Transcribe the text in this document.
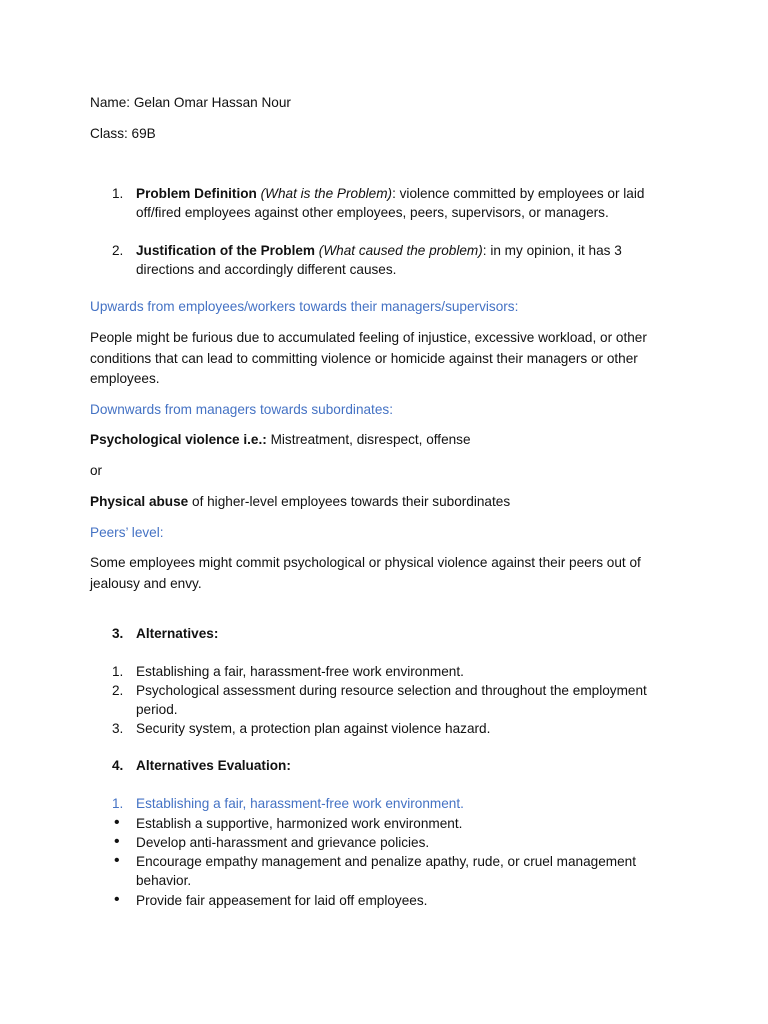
Name: Gelan Omar Hassan Nour

Class: 69B

1. Problem Definition (What is the Problem): violence committed by employees or laid off/fired employees against other employees, peers, supervisors, or managers.
2. Justification of the Problem (What caused the problem): in my opinion, it has 3 directions and accordingly different causes.

Upwards from employees/workers towards their managers/supervisors:

People might be furious due to accumulated feeling of injustice, excessive workload, or other conditions that can lead to committing violence or homicide against their managers or other employees.

Downwards from managers towards subordinates:

Psychological violence i.e.: Mistreatment, disrespect, offense

or

Physical abuse of higher-level employees towards their subordinates

Peers’ level:

Some employees might commit psychological or physical violence against their peers out of jealousy and envy.

3. Alternatives:
1. Establishing a fair, harassment-free work environment.
2. Psychological assessment during resource selection and throughout the employment period.
3. Security system, a protection plan against violence hazard.
4. Alternatives Evaluation:
1. Establishing a fair, harassment-free work environment.
•	Establish a supportive, harmonized work environment.
•	Develop anti-harassment and grievance policies.
•	Encourage empathy management and penalize apathy, rude, or cruel management behavior.
•	Provide fair appeasement for laid off employees.
